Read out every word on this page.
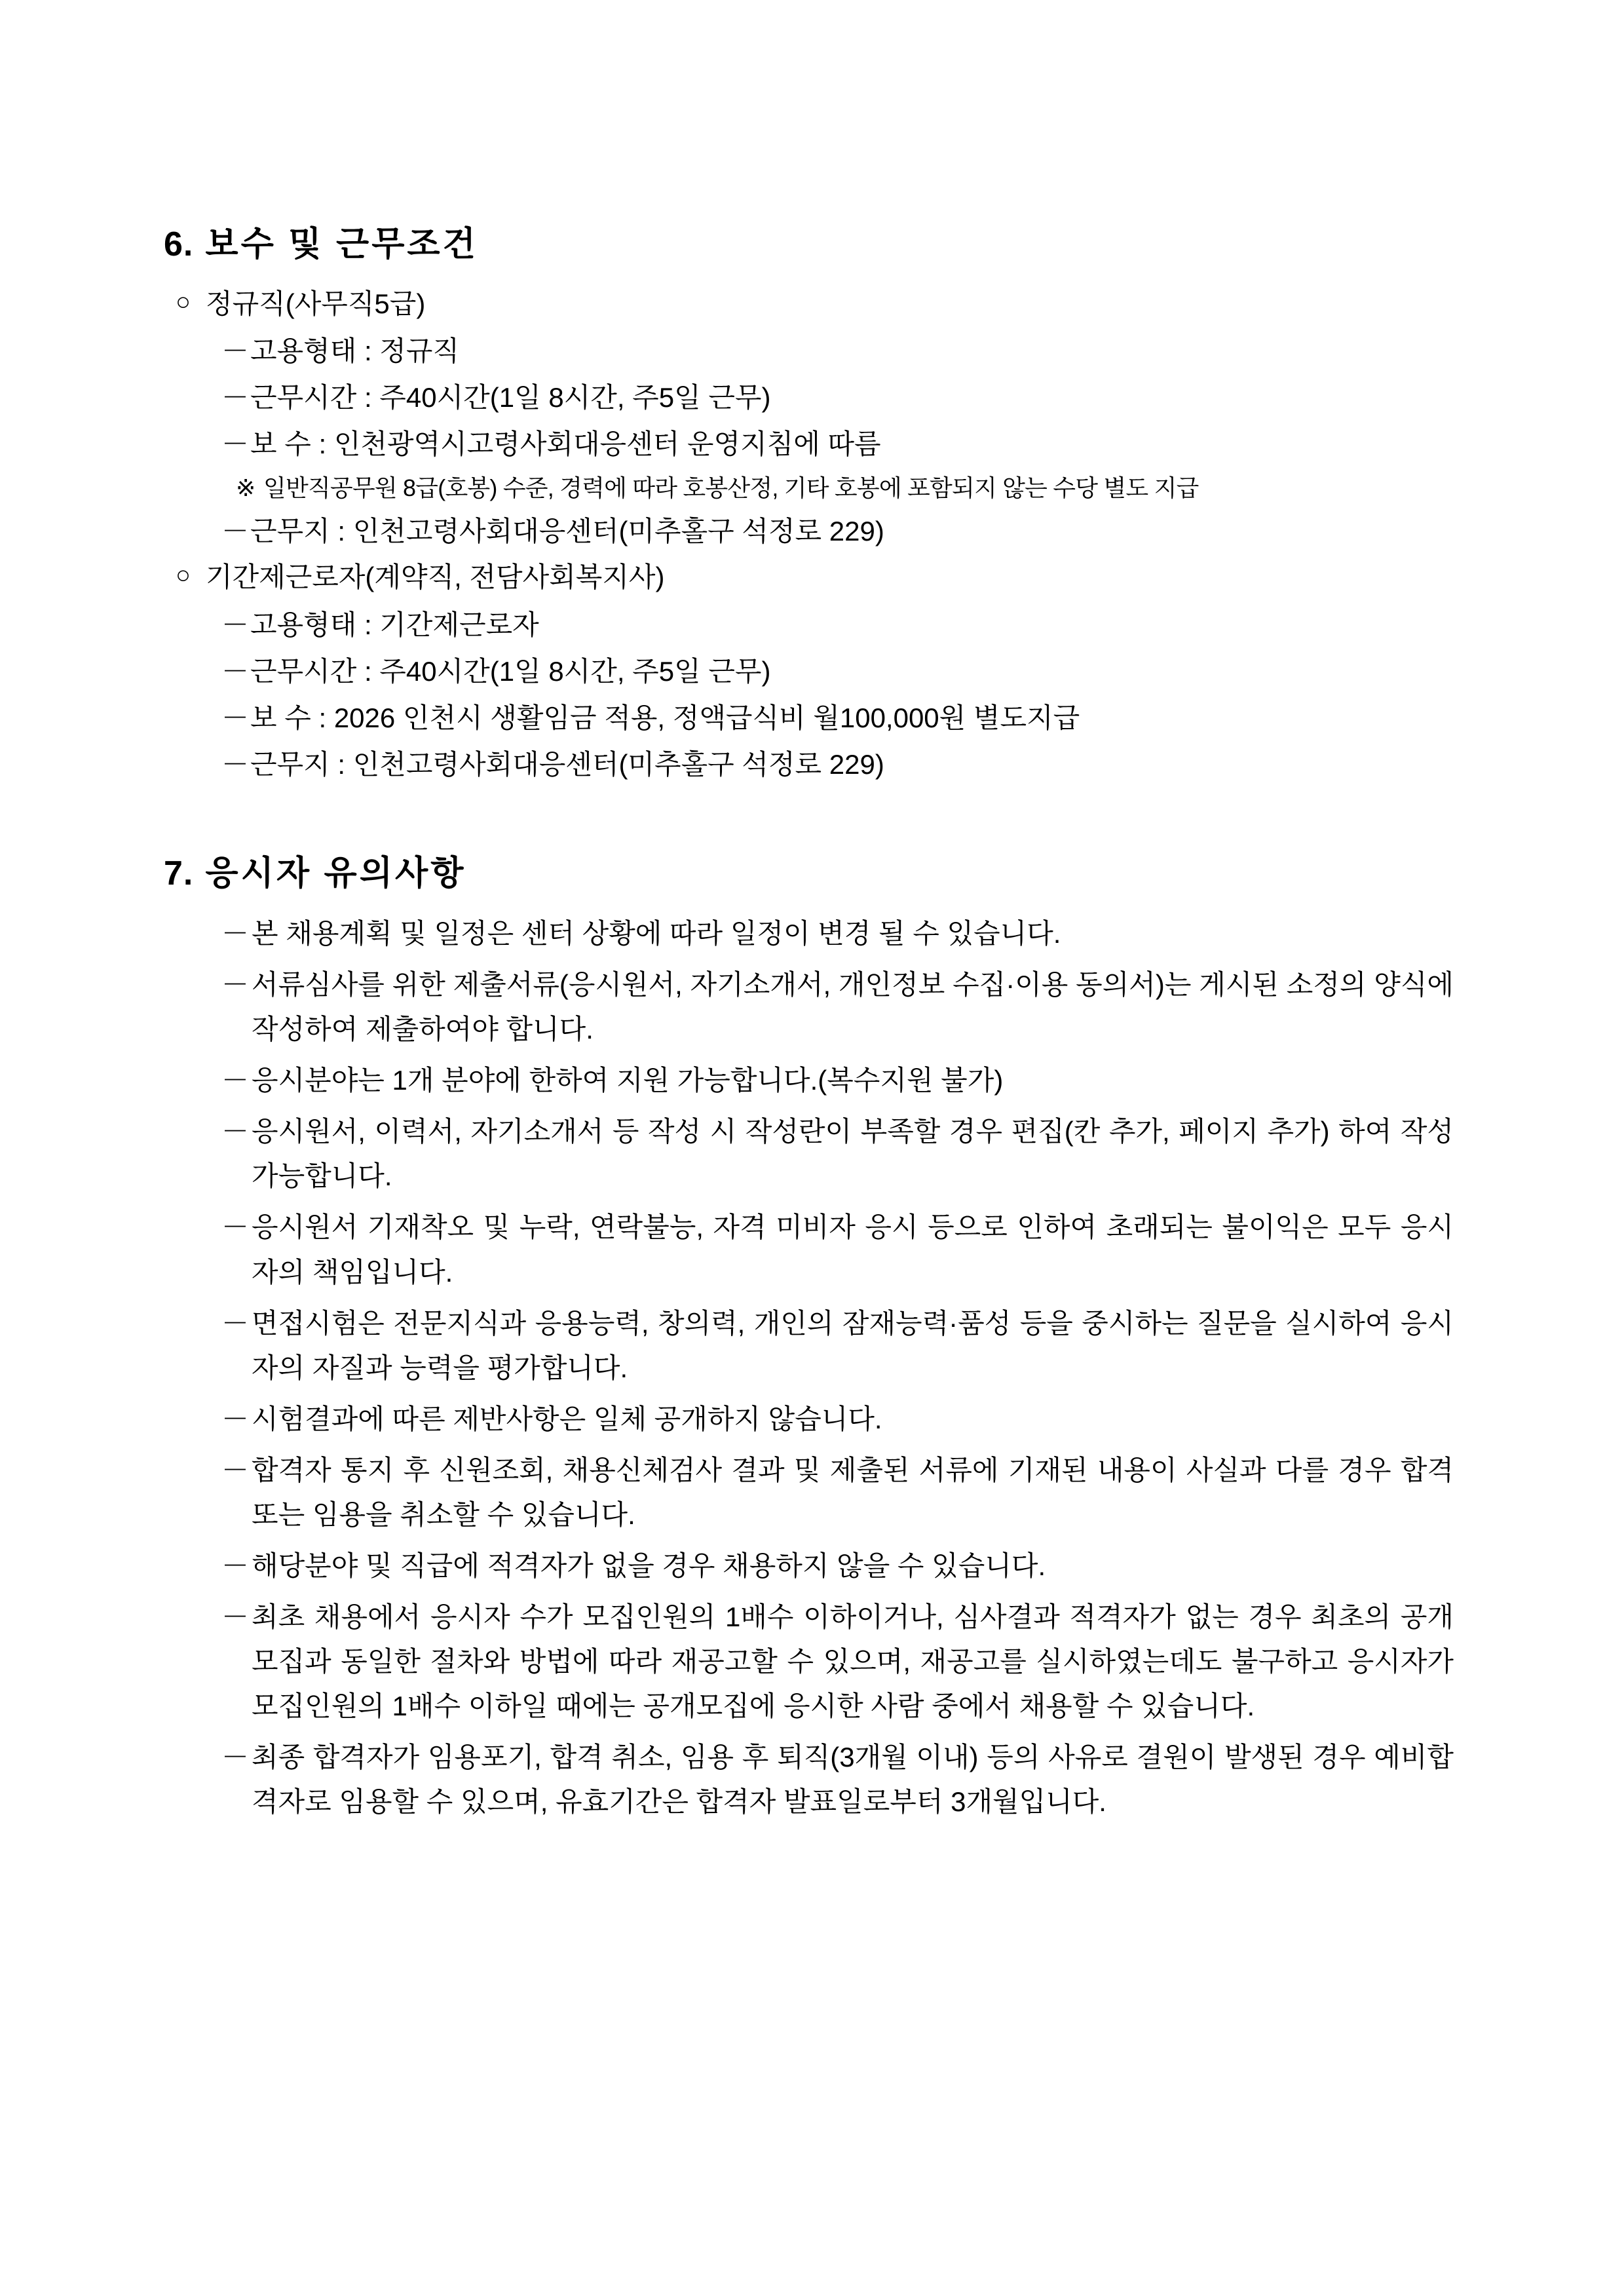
6. 보수 및 근무조건
○ 정규직(사무직5급)
－ 고용형태 : 정규직
－ 근무시간 : 주40시간(1일 8시간, 주5일 근무)
－ 보 수 : 인천광역시고령사회대응센터 운영지침에 따름
※ 일반직공무원 8급(호봉) 수준, 경력에 따라 호봉산정, 기타 호봉에 포함되지 않는 수당 별도 지급
－ 근무지 : 인천고령사회대응센터(미추홀구 석정로 229)
○ 기간제근로자(계약직, 전담사회복지사)
－ 고용형태 : 기간제근로자
－ 근무시간 : 주40시간(1일 8시간, 주5일 근무)
－ 보 수 : 2026 인천시 생활임금 적용, 정액급식비 월100,000원 별도지급
－ 근무지 : 인천고령사회대응센터(미추홀구 석정로 229)
7. 응시자 유의사항
－ 본 채용계획 및 일정은 센터 상황에 따라 일정이 변경 될 수 있습니다.
－ 서류심사를 위한 제출서류(응시원서, 자기소개서, 개인정보 수집·이용 동의서)는 게시된 소정의 양식에 작성하여 제출하여야 합니다.
－ 응시분야는 1개 분야에 한하여 지원 가능합니다.(복수지원 불가)
－ 응시원서, 이력서, 자기소개서 등 작성 시 작성란이 부족할 경우 편집(칸 추가, 페이지 추가) 하여 작성 가능합니다.
－ 응시원서 기재착오 및 누락, 연락불능, 자격 미비자 응시 등으로 인하여 초래되는 불이익은 모두 응시자의 책임입니다.
－ 면접시험은 전문지식과 응용능력, 창의력, 개인의 잠재능력·품성 등을 중시하는 질문을 실시하여 응시자의 자질과 능력을 평가합니다.
－ 시험결과에 따른 제반사항은 일체 공개하지 않습니다.
－ 합격자 통지 후 신원조회, 채용신체검사 결과 및 제출된 서류에 기재된 내용이 사실과 다를 경우 합격 또는 임용을 취소할 수 있습니다.
－ 해당분야 및 직급에 적격자가 없을 경우 채용하지 않을 수 있습니다.
－ 최초 채용에서 응시자 수가 모집인원의 1배수 이하이거나, 심사결과 적격자가 없는 경우 최초의 공개모집과 동일한 절차와 방법에 따라 재공고할 수 있으며, 재공고를 실시하였는데도 불구하고 응시자가 모집인원의 1배수 이하일 때에는 공개모집에 응시한 사람 중에서 채용할 수 있습니다.
－ 최종 합격자가 임용포기, 합격 취소, 임용 후 퇴직(3개월 이내) 등의 사유로 결원이 발생된 경우 예비합격자로 임용할 수 있으며, 유효기간은 합격자 발표일로부터 3개월입니다.
